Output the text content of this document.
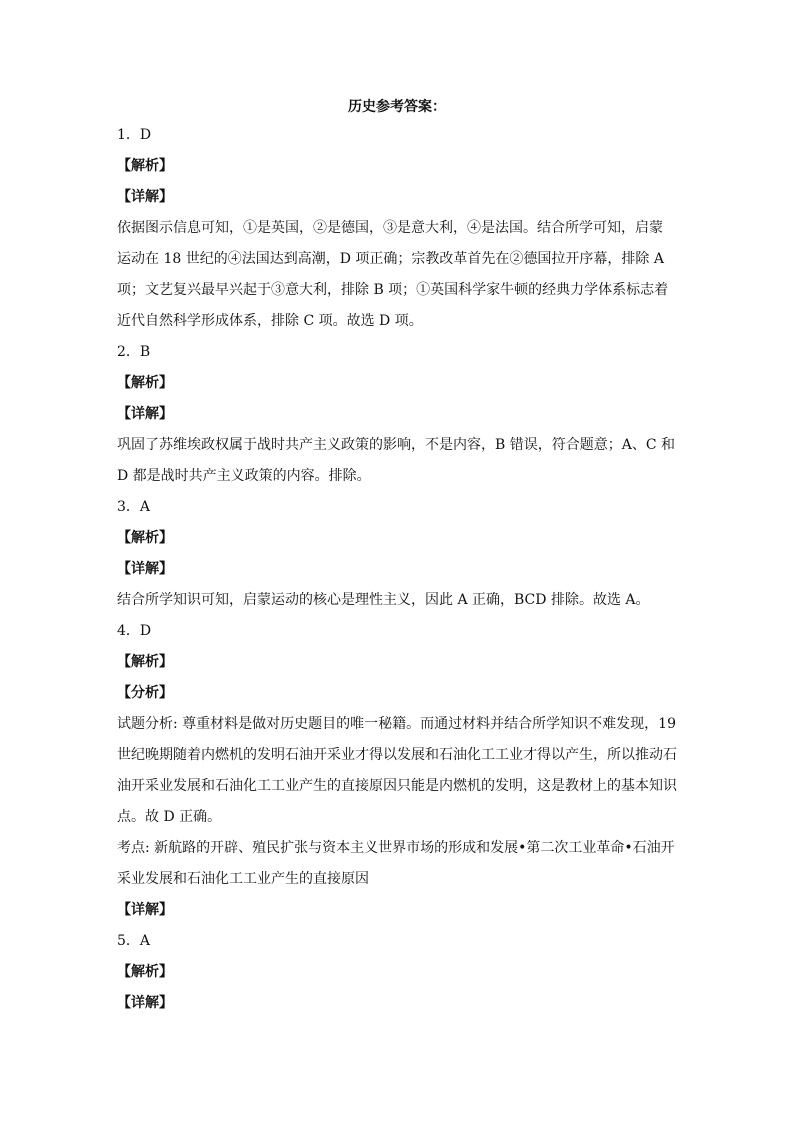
历史参考答案：
1．D
【解析】
【详解】
依据图示信息可知，①是英国，②是德国，③是意大利，④是法国。结合所学可知，启蒙
运动在 18 世纪的④法国达到高潮，D 项正确；宗教改革首先在②德国拉开序幕，排除 A
项；文艺复兴最早兴起于③意大利，排除 B 项；①英国科学家牛顿的经典力学体系标志着
近代自然科学形成体系，排除 C 项。故选 D 项。
2．B
【解析】
【详解】
巩固了苏维埃政权属于战时共产主义政策的影响，不是内容，B 错误，符合题意；A、C 和
D 都是战时共产主义政策的内容。排除。
3．A
【解析】
【详解】
结合所学知识可知，启蒙运动的核心是理性主义，因此 A 正确，BCD 排除。故选 A。
4．D
【解析】
【分析】
试题分析: 尊重材料是做对历史题目的唯一秘籍。而通过材料并结合所学知识不难发现，19
世纪晚期随着内燃机的发明石油开采业才得以发展和石油化工工业才得以产生，所以推动石
油开采业发展和石油化工工业产生的直接原因只能是内燃机的发明，这是教材上的基本知识
点。故 D 正确。
考点: 新航路的开辟、殖民扩张与资本主义世界市场的形成和发展•第二次工业革命•石油开
采业发展和石油化工工业产生的直接原因
【详解】
5．A
【解析】
【详解】
